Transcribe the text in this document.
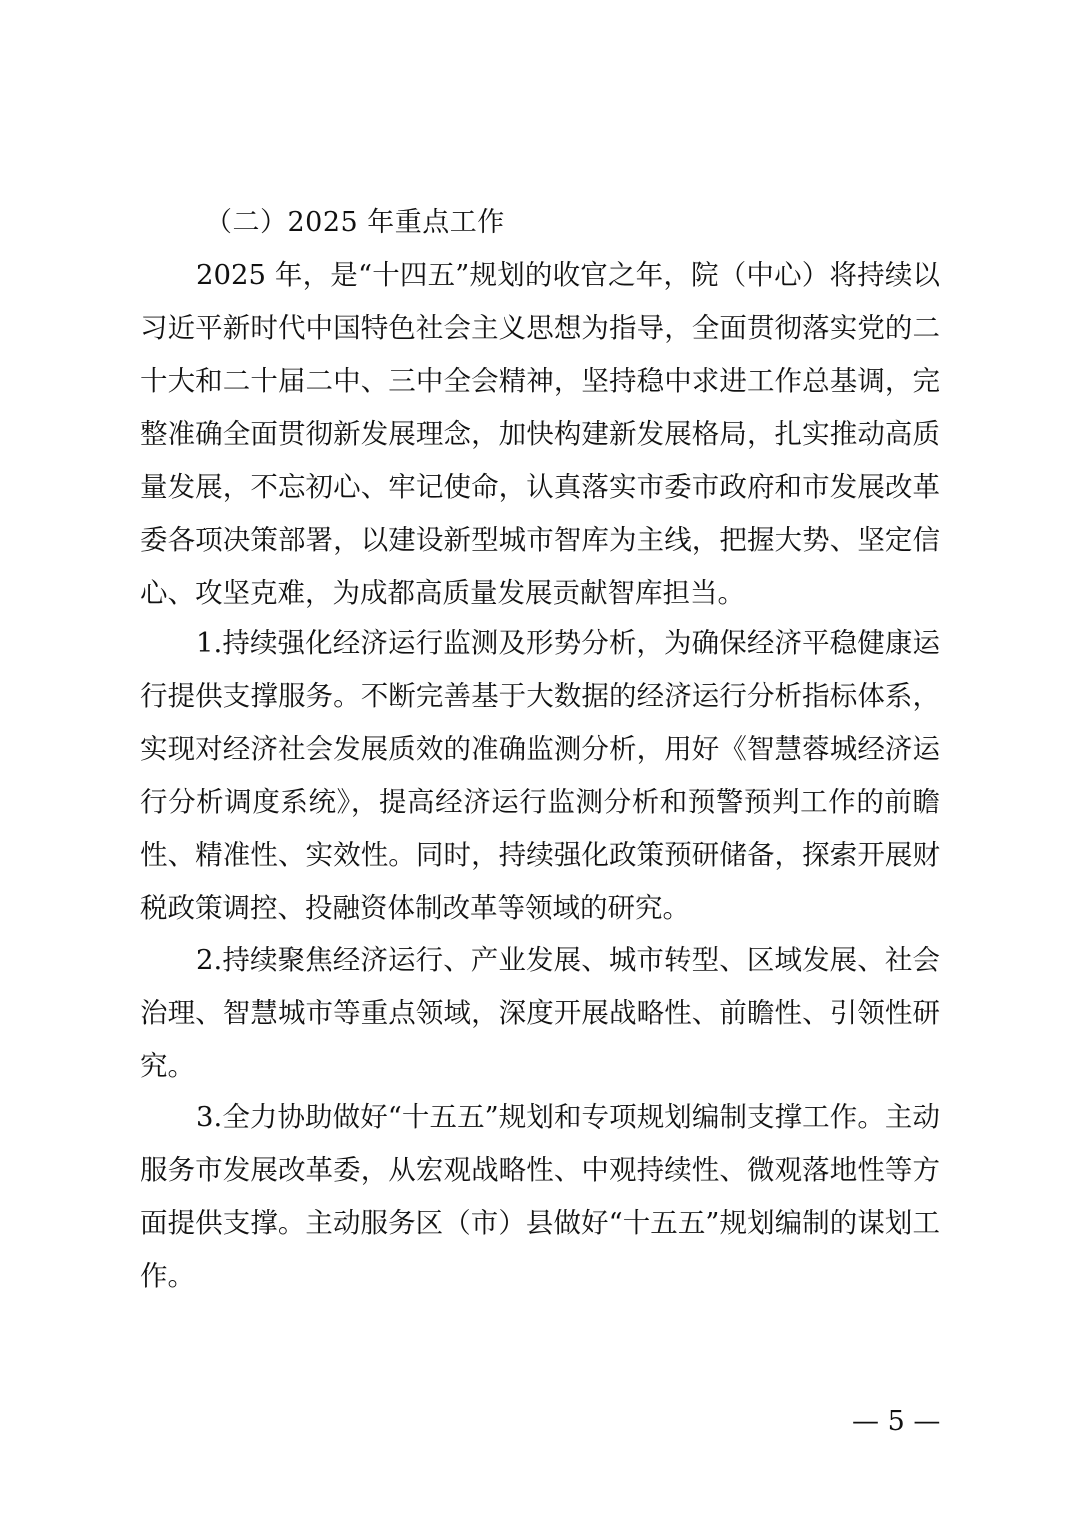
（二）2025 年重点工作

2025 年，是“十四五”规划的收官之年，院（中心）将持续以习近平新时代中国特色社会主义思想为指导，全面贯彻落实党的二十大和二十届二中、三中全会精神，坚持稳中求进工作总基调，完整准确全面贯彻新发展理念，加快构建新发展格局，扎实推动高质量发展，不忘初心、牢记使命，认真落实市委市政府和市发展改革委各项决策部署，以建设新型城市智库为主线，把握大势、坚定信心、攻坚克难，为成都高质量发展贡献智库担当。

1.持续强化经济运行监测及形势分析，为确保经济平稳健康运行提供支撑服务。不断完善基于大数据的经济运行分析指标体系，实现对经济社会发展质效的准确监测分析，用好《智慧蓉城经济运行分析调度系统》，提高经济运行监测分析和预警预判工作的前瞻性、精准性、实效性。同时，持续强化政策预研储备，探索开展财税政策调控、投融资体制改革等领域的研究。

2.持续聚焦经济运行、产业发展、城市转型、区域发展、社会治理、智慧城市等重点领域，深度开展战略性、前瞻性、引领性研究。

3.全力协助做好“十五五”规划和专项规划编制支撑工作。主动服务市发展改革委，从宏观战略性、中观持续性、微观落地性等方面提供支撑。主动服务区（市）县做好“十五五”规划编制的谋划工作。

— 5 —
